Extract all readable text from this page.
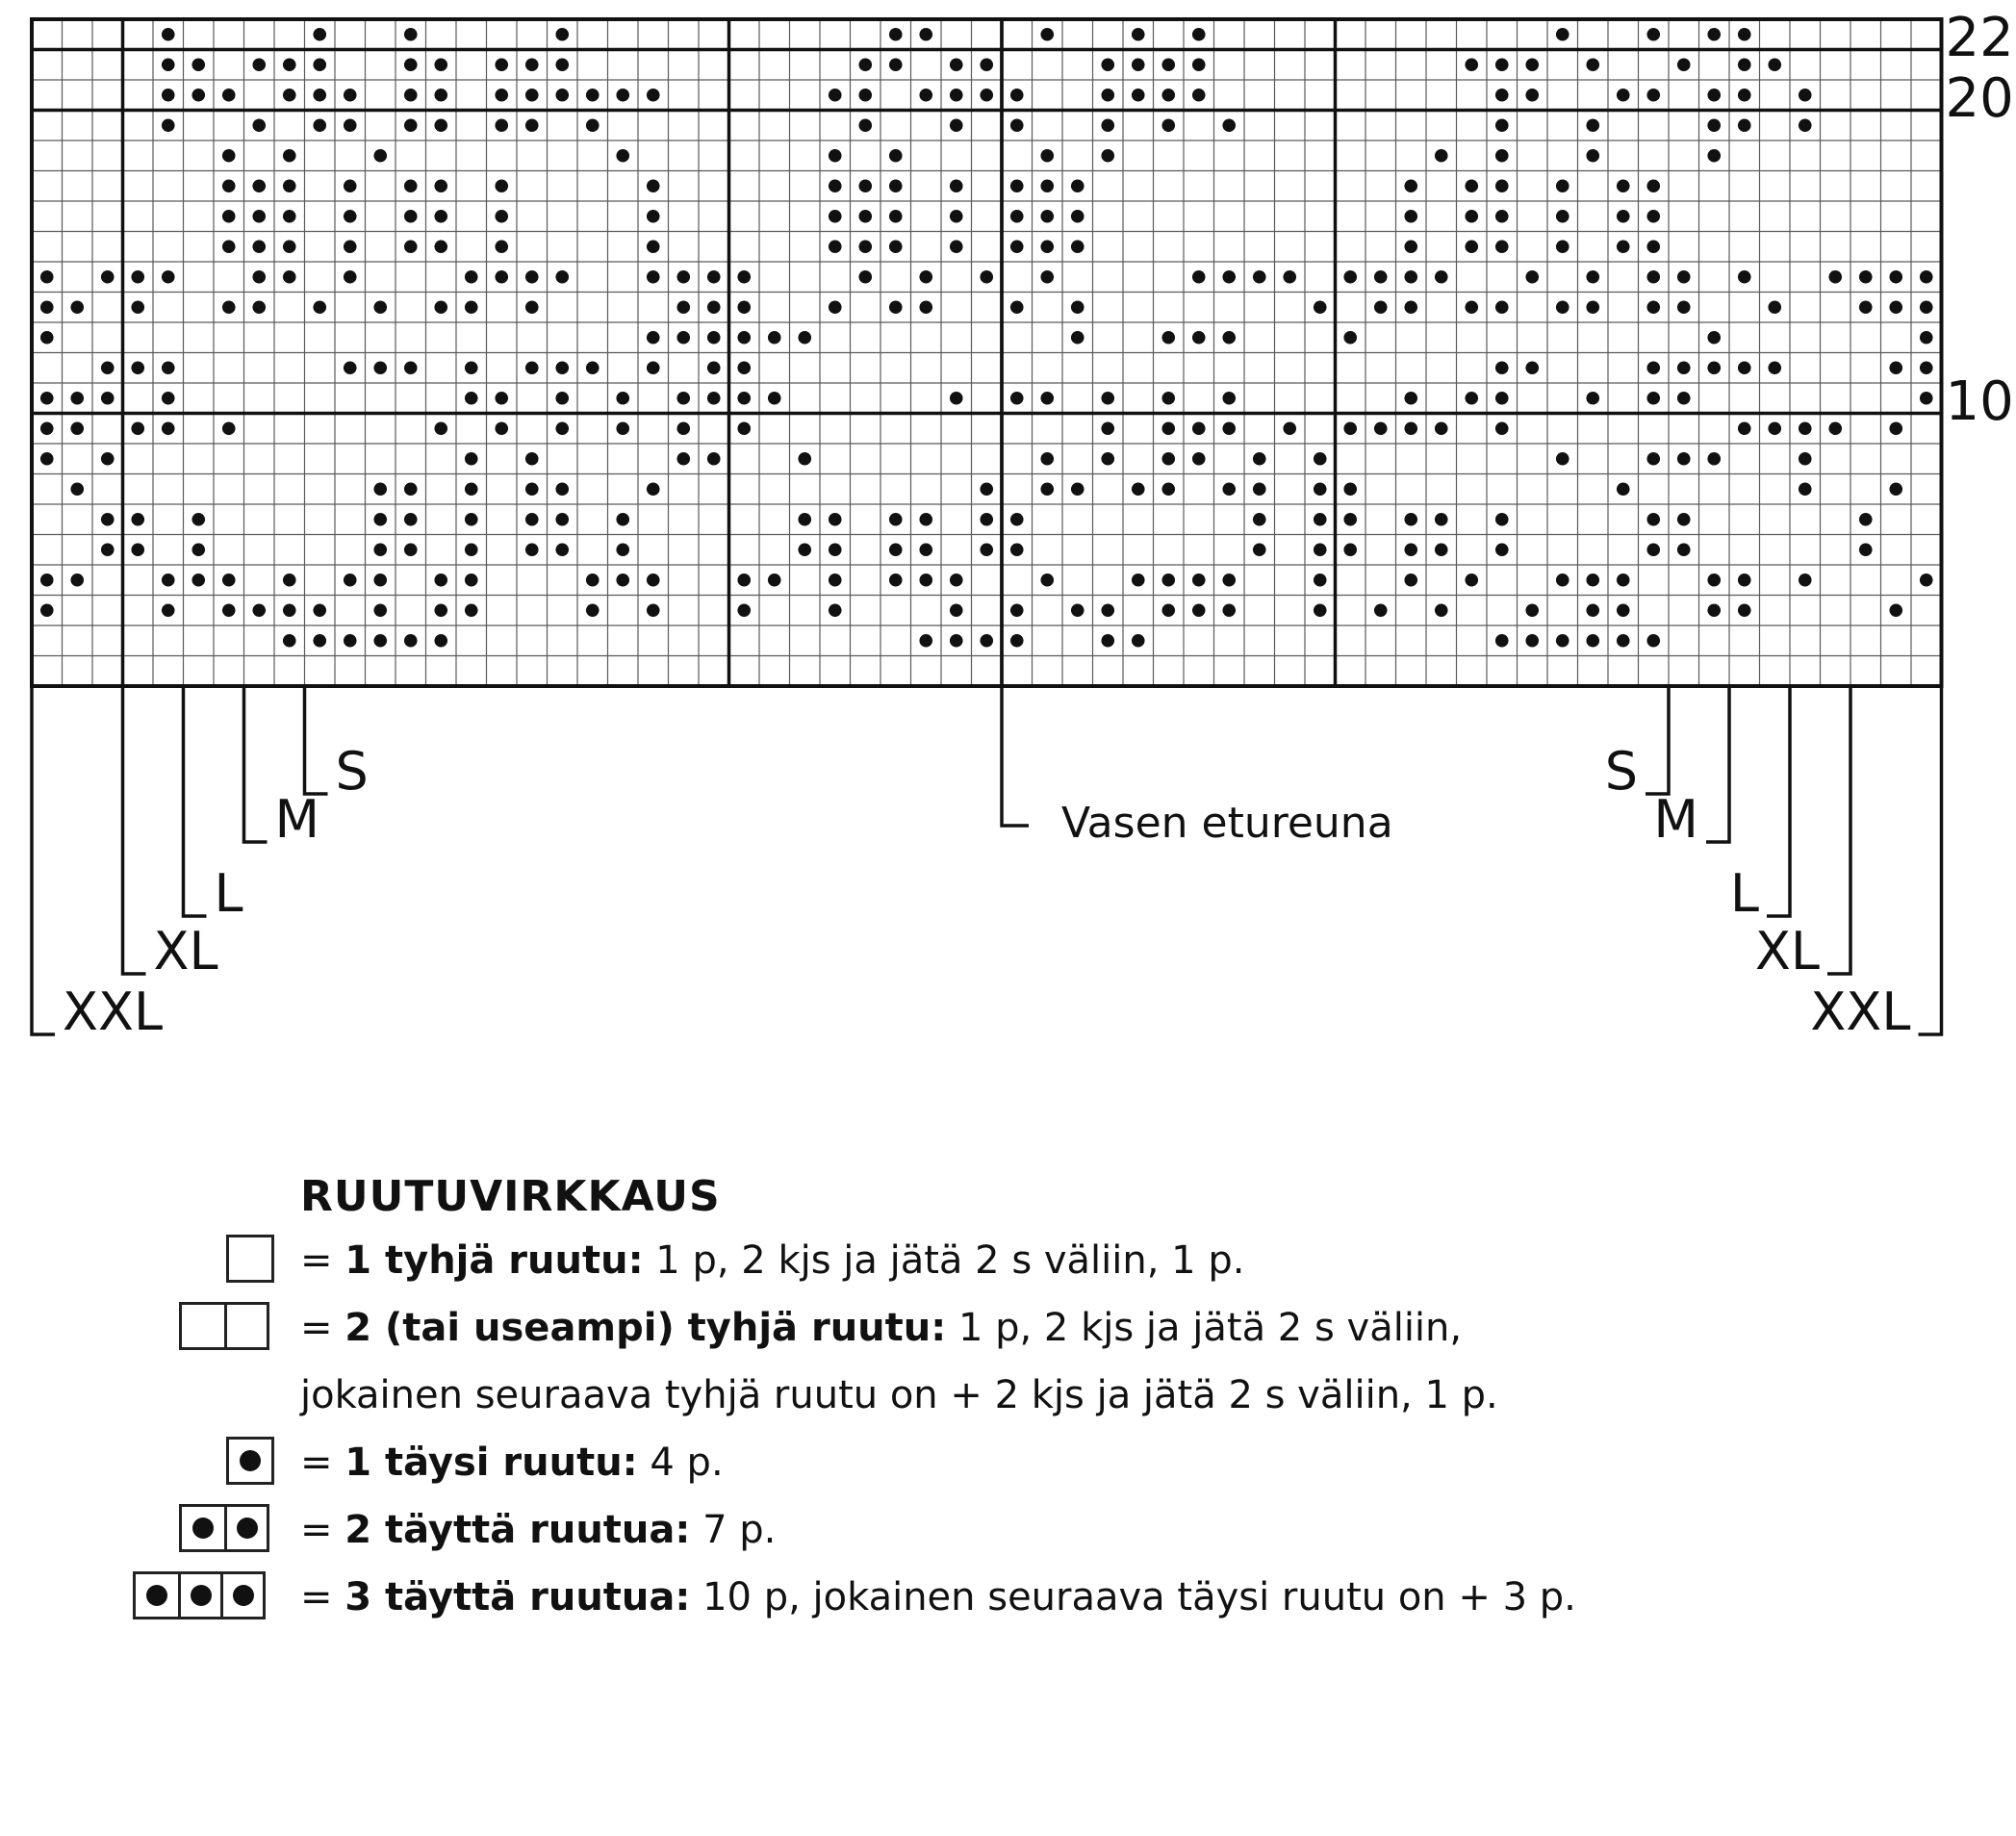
S
M
L
XL
XXL
S
M
L
XL
XXL
Vasen etureuna
22
20
10
RUUTUVIRKKAUS
= 1 tyhjä ruutu: 1 p, 2 kjs ja jätä 2 s väliin, 1 p.
= 2 (tai useampi) tyhjä ruutu: 1 p, 2 kjs ja jätä 2 s väliin,
jokainen seuraava tyhjä ruutu on + 2 kjs ja jätä 2 s väliin, 1 p.
= 1 täysi ruutu: 4 p.
= 2 täyttä ruutua: 7 p.
= 3 täyttä ruutua: 10 p, jokainen seuraava täysi ruutu on + 3 p.
